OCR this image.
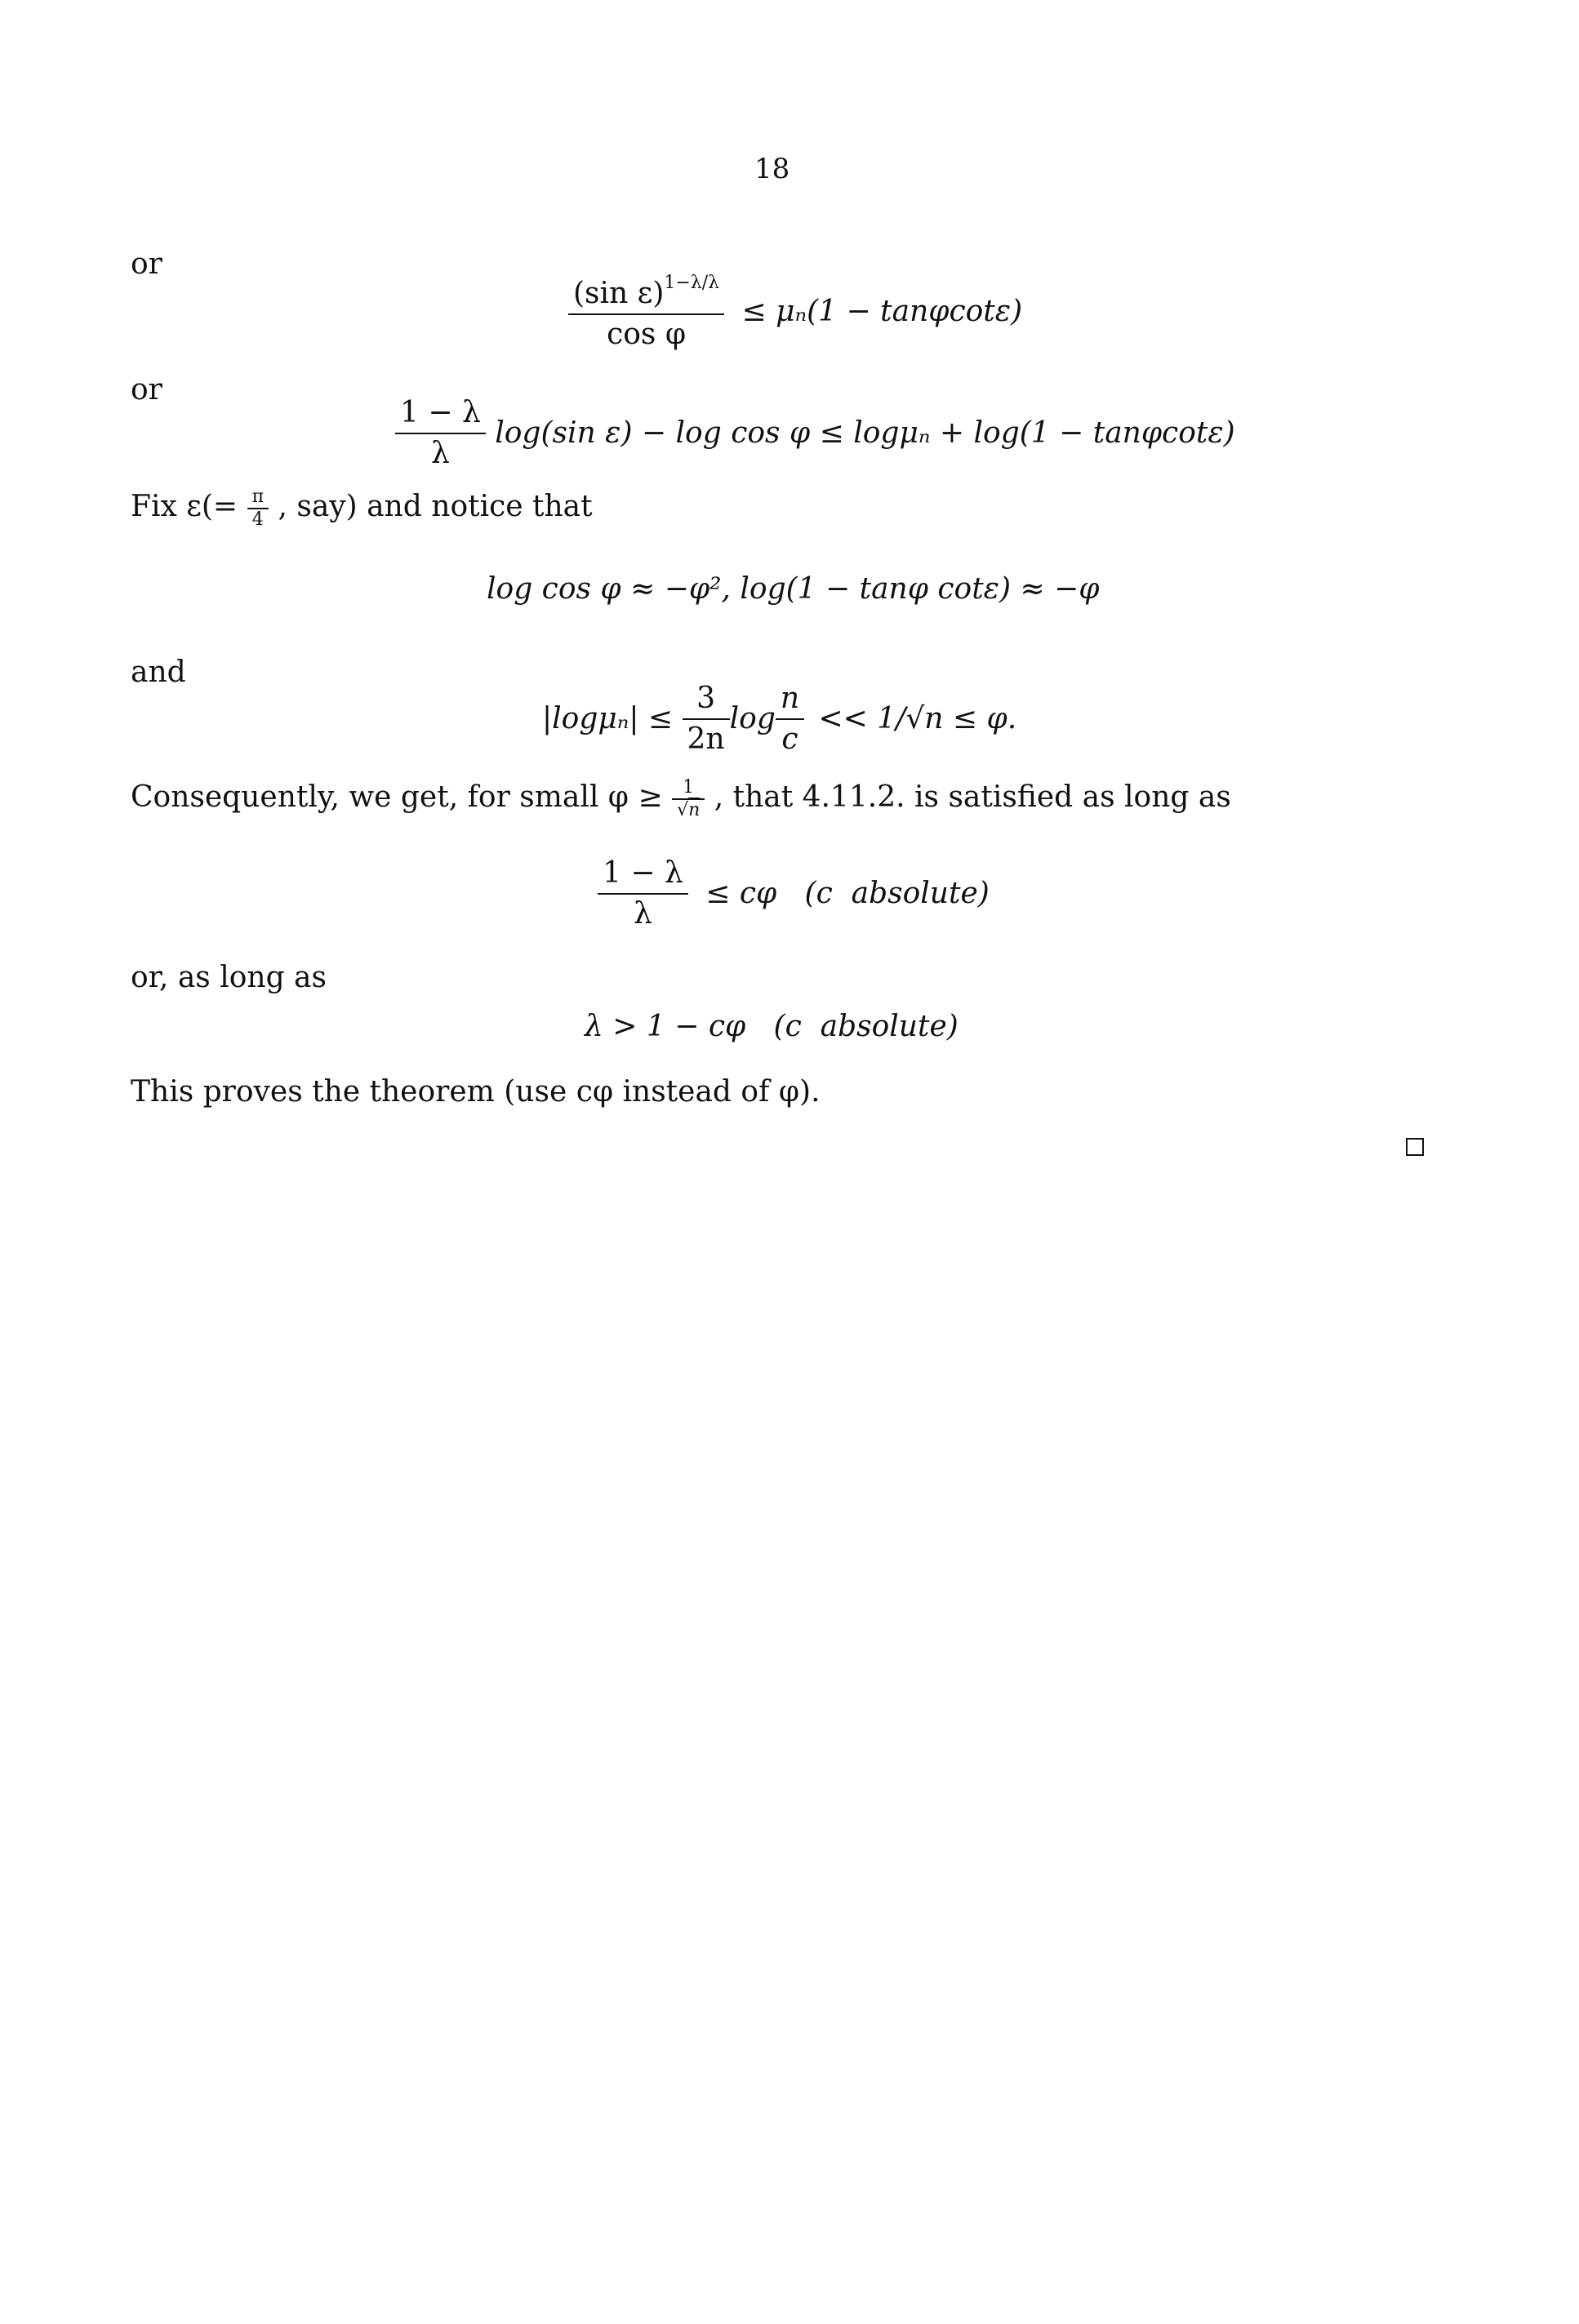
18
or
$\frac{(\sin \varepsilon)^{1-\lambda/\lambda}}{\text{cos φ}} \le \mu_n(1 - \tan\varphi\cot\varepsilon)$
or
$\frac{1 - \lambda}{\lambda} \log(\sin$ ε) − log cos φ ≤ logμₙ + log(1 − tanφcotε)
Fix $\varepsilon(= \frac{\pi}{4}$ , say) and notice that
log cos φ ≈ −φ², log(1 − tanφ cotε) ≈ −φ
and
$|\log\mu_n| \le \frac{3}{2n}$ $\log \frac{n}{c} << 1/√n \le \varphi$.
Consequently, we get, for small $\varphi \ge \frac{1}{√n}$ , that 4.11.2. is satisfied as long as
$\frac{1 - \lambda}{\lambda} \le c\varphi$   (c  absolute)
or, as long as
λ > 1 − cφ   (c  absolute)
This proves the theorem (use cφ instead of φ).
